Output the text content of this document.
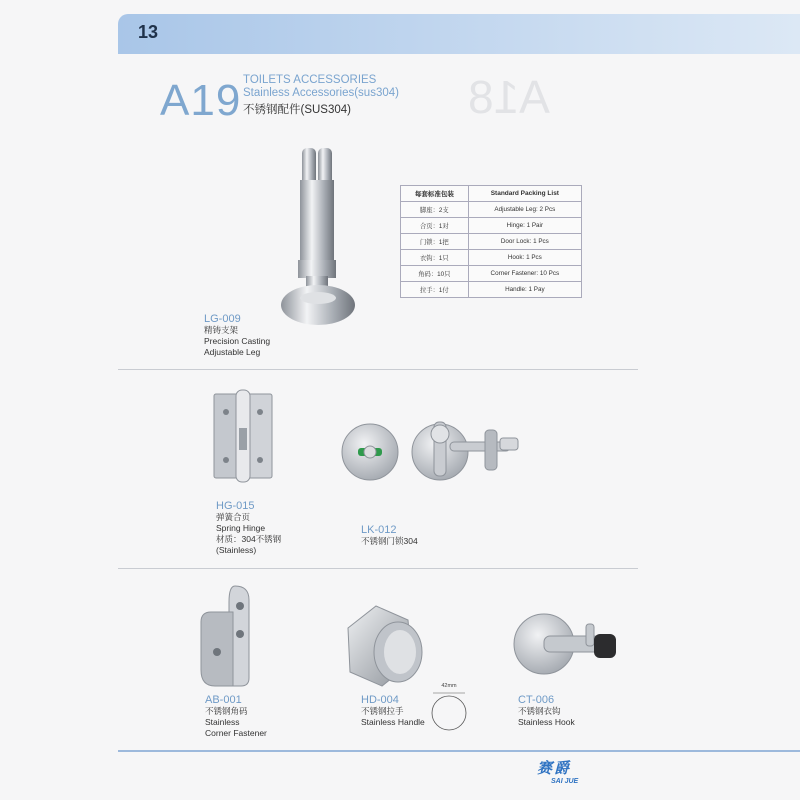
13
A18
A19 TOILETS ACCESSORIES
Stainless Accessories(sus304)
不锈钢配件(SUS304)
每套标准包装	Standard Packing List
脚座：2支	Adjustable Leg: 2 Pcs
合页：1对	Hinge: 1 Pair
门锁：1把	Door Lock: 1 Pcs
衣钩：1只	Hook: 1 Pcs
角码：10只	Corner Fastener: 10 Pcs
拉手：1付	Handle: 1 Pay
LG-009
精铸支架
Precision Casting
Adjustable Leg
HG-015
弹簧合页
Spring Hinge
材质：304不锈钢
(Stainless)
LK-012
不锈钢门锁304
AB-001
不锈钢角码
Stainless
Corner Fastener
42mm
HD-004
不锈钢拉手
Stainless Handle
CT-006
不锈钢衣钩
Stainless Hook
赛爵
SAI JUE
